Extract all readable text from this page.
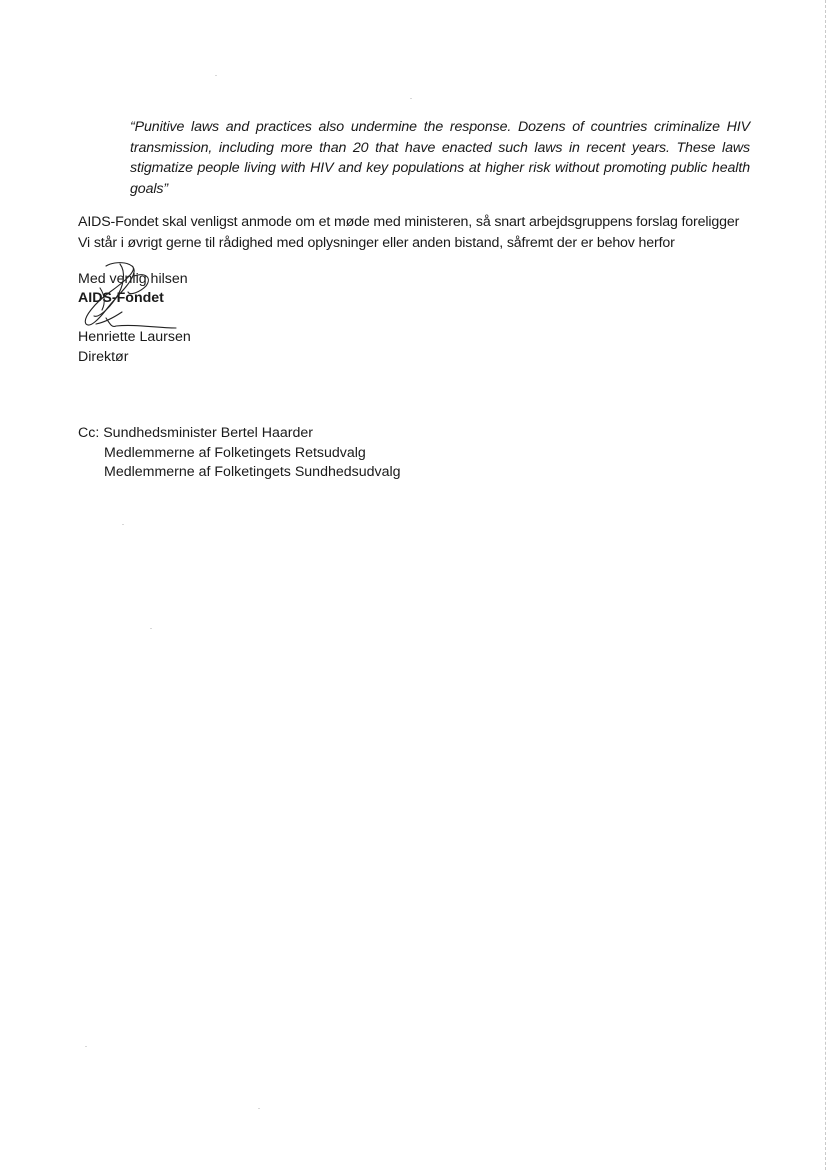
“Punitive laws and practices also undermine the response. Dozens of countries criminalize HIV
transmission, including more than 20 that have enacted such laws in recent years. These laws
stigmatize people living with HIV and key populations at higher risk without promoting public health
goals”
AIDS-Fondet skal venligst anmode om et møde med ministeren, så snart arbejdsgruppens forslag foreligger
Vi står i øvrigt gerne til rådighed med oplysninger eller anden bistand, såfremt der er behov herfor
Med venlig hilsen
AIDS-Fondet
Henriette Laursen
Direktør
Cc: Sundhedsminister Bertel Haarder
Medlemmerne af Folketingets Retsudvalg
Medlemmerne af Folketingets Sundhedsudvalg
